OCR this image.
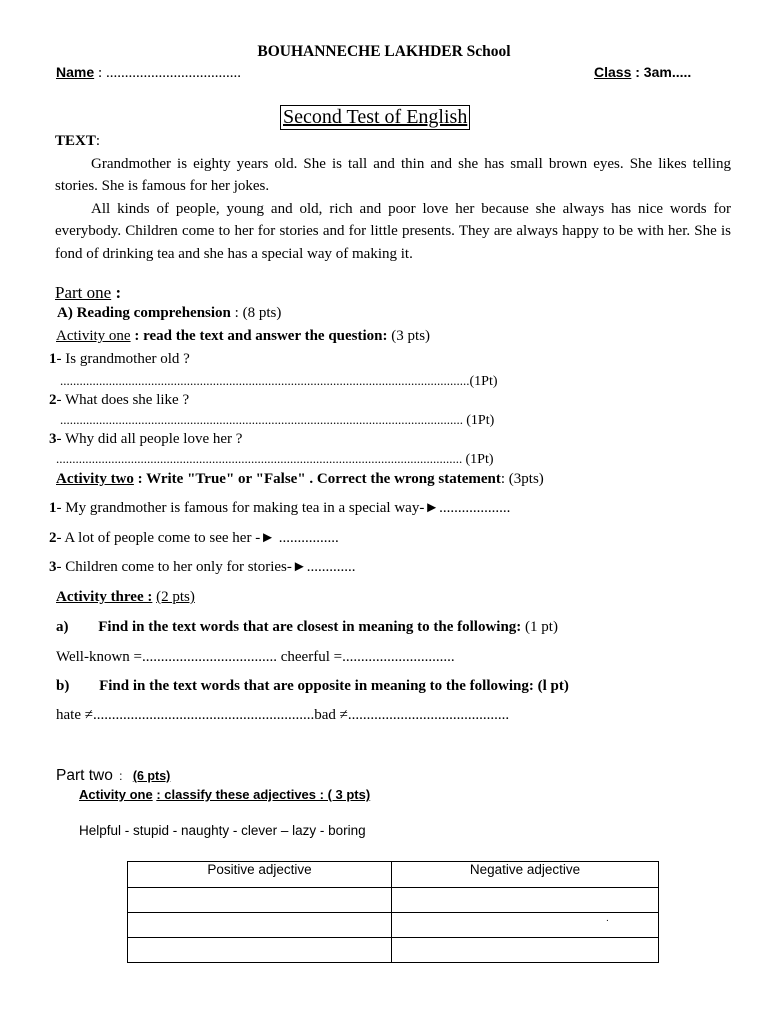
BOUHANNECHE LAKHDER School
Name : ....................................	Class : 3am.....
Second Test of English

TEXT:

Grandmother is eighty years old. She is tall and thin and she has small brown eyes. She likes telling stories. She is famous for her jokes.

All kinds of people, young and old, rich and poor love her because she always has nice words for everybody. Children come to her for stories and for little presents. They are always happy to be with her. She is fond of drinking tea and she has a special way of making it.

Part one :
A) Reading comprehension : (8 pts)
Activity one : read the text and answer the question: (3 pts)
1- Is grandmother old ?
..............................................................................................................................(1Pt)
2- What does she like ?
............................................................................................................................ (1Pt)
3- Why did all people love her ?
............................................................................................................................. (1Pt)
Activity two : Write "True" or "False" . Correct the wrong statement: (3pts)
1- My grandmother is famous for making tea in a special way-►...................
2- A lot of people come to see her -► ................
3- Children come to her only for stories-►.............
Activity three : (2 pts)
a) Find in the text words that are closest in meaning to the following: (1 pt)
Well-known =.................................... cheerful =..............................
b) Find in the text words that are opposite in meaning to the following: (l pt)
hate ≠...........................................................bad ≠...........................................
Part two : (6 pts)
Activity one : classify these adjectives : ( 3 pts)
Helpful - stupid - naughty - clever – lazy - boring
Positive adjective	Negative adjective

	.
